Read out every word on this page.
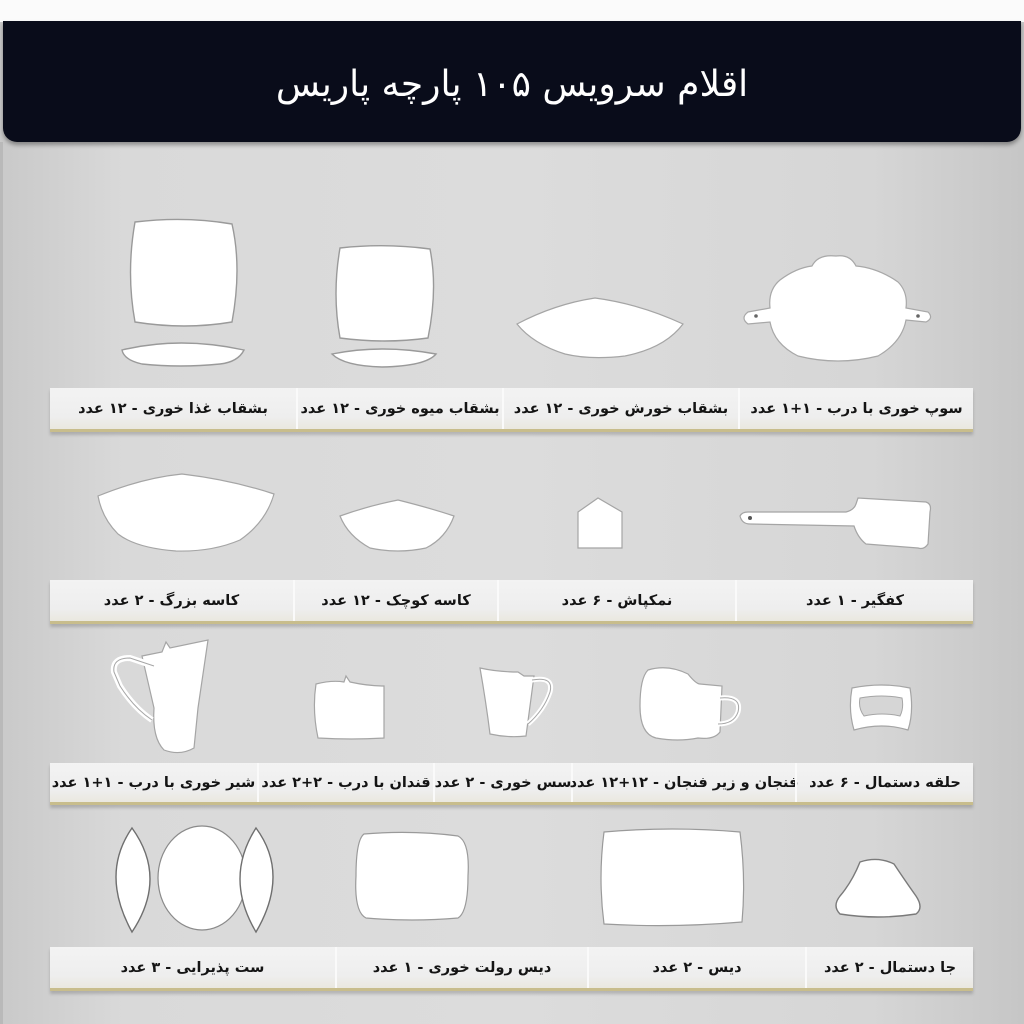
اقلام سرویس ۱۰۵ پارچه پاریس
سوپ خوری با درب - ۱+۱ عدد
بشقاب خورش خوری - ۱۲ عدد
بشقاب میوه خوری - ۱۲ عدد
بشقاب غذا خوری - ۱۲ عدد
کفگیر - ۱ عدد
نمکپاش - ۶ عدد
کاسه کوچک - ۱۲ عدد
کاسه بزرگ - ۲ عدد
حلقه دستمال - ۶ عدد
فنجان و زیر فنجان - ۱۲+۱۲ عدد
سس خوری - ۲ عدد
قندان با درب - ۲+۲ عدد
شیر خوری با درب - ۱+۱ عدد
جا دستمال - ۲ عدد
دیس - ۲ عدد
دیس رولت خوری - ۱ عدد
ست پذیرایی - ۳ عدد
